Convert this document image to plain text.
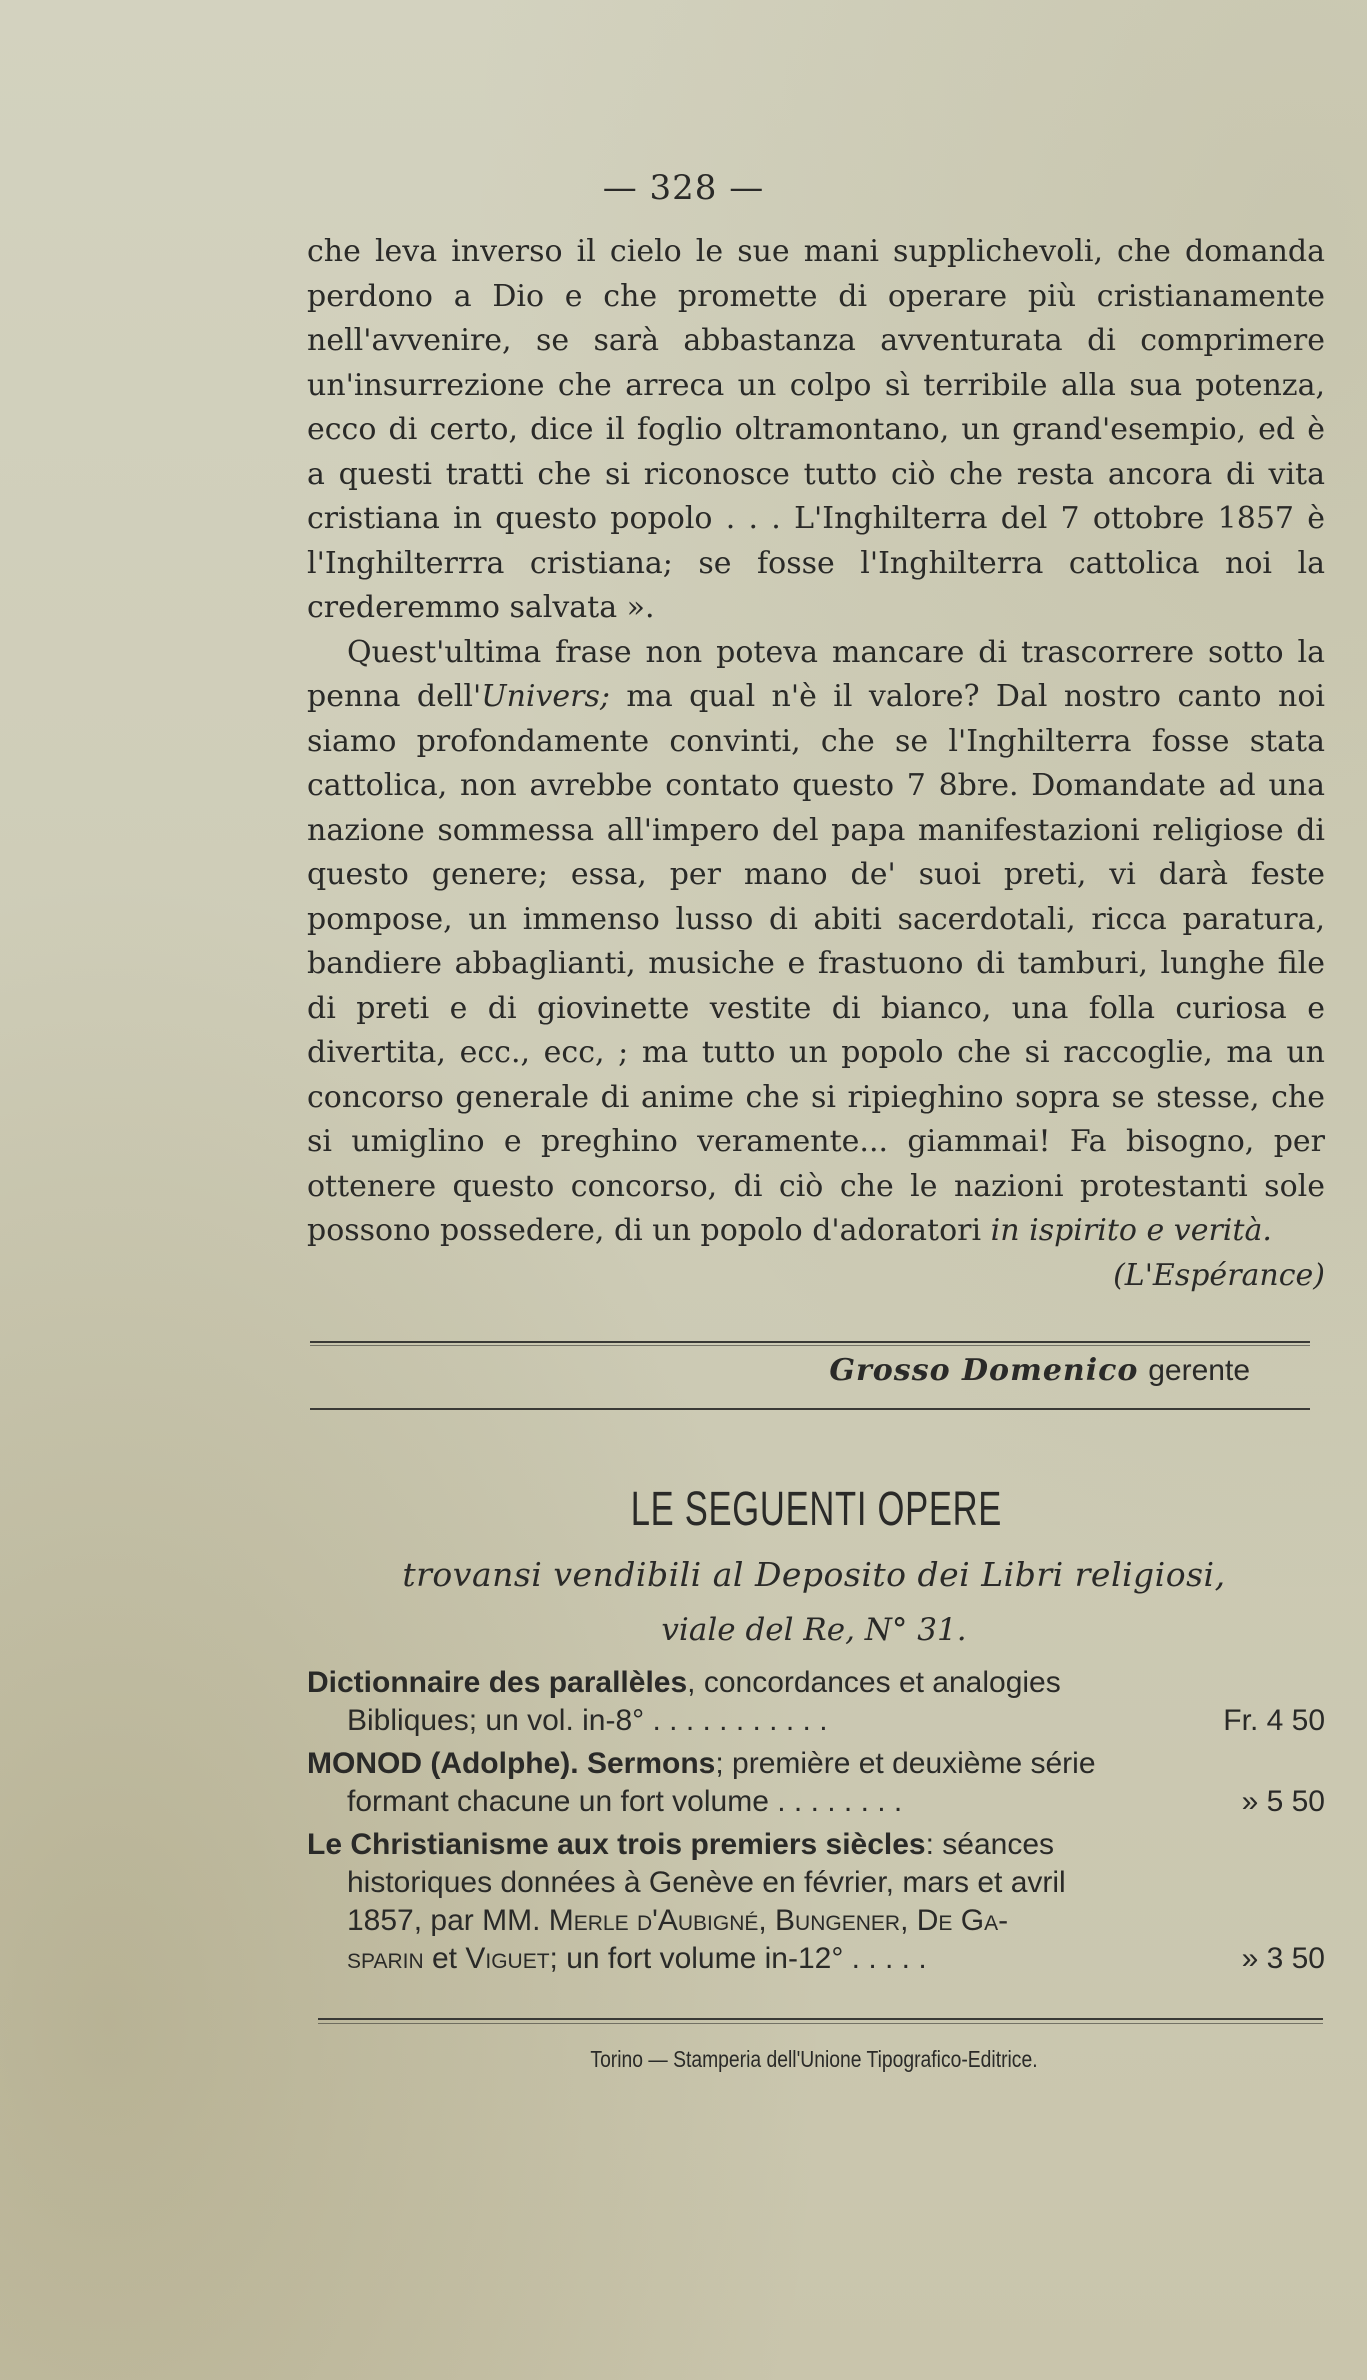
— 328 —

che leva inverso il cielo le sue mani supplichevoli, che domanda perdono a Dio e che promette di operare più cristianamente nell'avvenire, se sarà abbastanza avventurata di comprimere un'insurrezione che arreca un colpo sì terribile alla sua potenza, ecco di certo, dice il foglio oltramontano, un grand'esempio, ed è a questi tratti che si riconosce tutto ciò che resta ancora di vita cristiana in questo popolo . . . L'Inghilterra del 7 ottobre 1857 è l'Inghilterrra cristiana; se fosse l'Inghilterra cattolica noi la crederemmo salvata ».

Quest'ultima frase non poteva mancare di trascorrere sotto la penna dell'Univers; ma qual n'è il valore? Dal nostro canto noi siamo profondamente convinti, che se l'Inghilterra fosse stata cattolica, non avrebbe contato questo 7 8bre. Domandate ad una nazione sommessa all'impero del papa manifestazioni religiose di questo genere; essa, per mano de' suoi preti, vi darà feste pompose, un immenso lusso di abiti sacerdotali, ricca paratura, bandiere abbaglianti, musiche e frastuono di tamburi, lunghe file di preti e di giovinette vestite di bianco, una folla curiosa e divertita, ecc., ecc, ; ma tutto un popolo che si raccoglie, ma un concorso generale di anime che si ripieghino sopra se stesse, che si umiglino e preghino veramente... giammai! Fa bisogno, per ottenere questo concorso, di ciò che le nazioni protestanti sole possono possedere, di un popolo d'adoratori in ispirito e verità.
(L'Espérance)

Grosso Domenico gerente
LE SEGUENTI OPERE
trovansi vendibili al Deposito dei Libri religiosi,
viale del Re, N° 31.
Dictionnaire des parallèles, concordances et analogies
Bibliques; un vol. in-8° . . . . . . . . . . .	Fr. 4 50
MONOD (Adolphe). Sermons; première et deuxième série
formant chacune un fort volume . . . . . . . .	» 5 50
Le Christianisme aux trois premiers siècles: séances
historiques données à Genève en février, mars et avril
1857, par MM. Merle d'Aubigné, Bungener, De Ga-
sparin et Viguet; un fort volume in-12° . . . . .	» 3 50
Torino — Stamperia dell'Unione Tipografico-Editrice.
